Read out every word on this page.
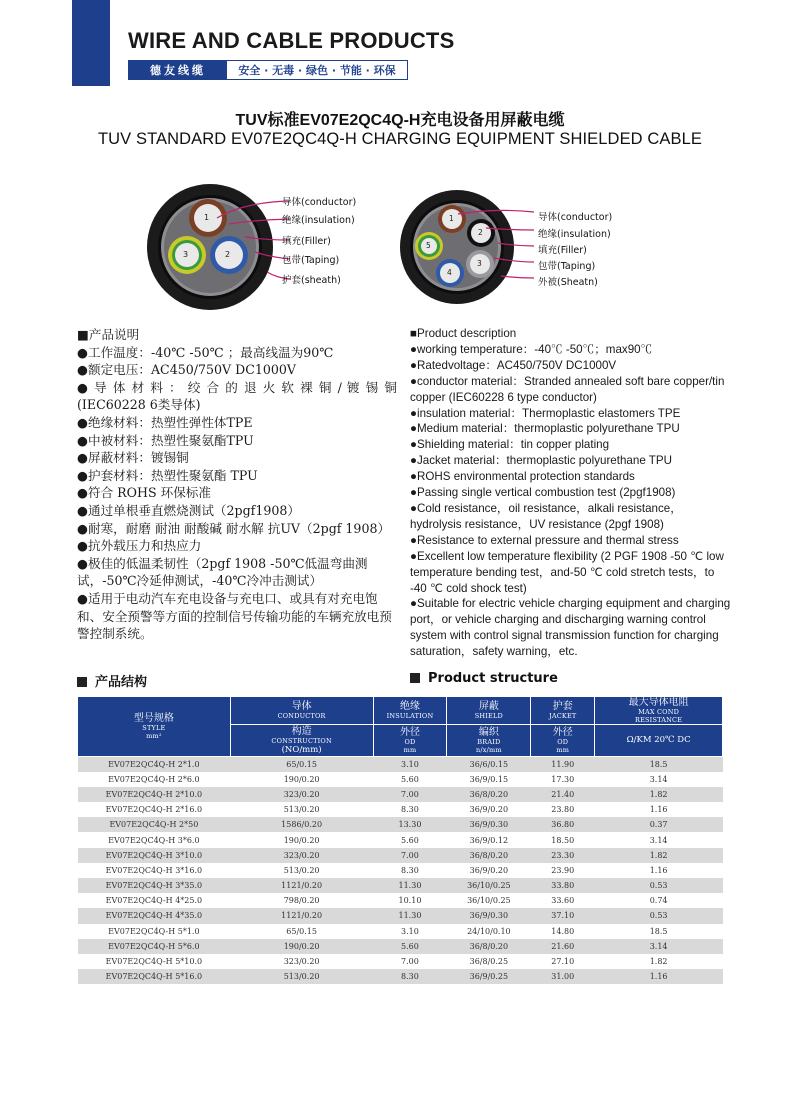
WIRE AND CABLE PRODUCTS
德友线缆	安全 · 无毒 · 绿色 · 节能 · 环保
TUV标准EV07E2QC4Q-H充电设备用屏蔽电缆
TUV STANDARD EV07E2QC4Q-H CHARGING EQUIPMENT SHIELDED CABLE
1
2
3
导体(conductor)
绝缘(insulation)
填充(Filler)
包带(Taping)
护套(sheath)
1
2
3
4
5
导体(conductor)
绝缘(insulation)
填充(Filler)
包带(Taping)
外被(Sheatn)

■产品说明

●工作温度：-40℃ -50℃ ；最高线温为90℃

●额定电压：AC450/750V DC1000V

● 导 体 材 料 ： 绞 合 的 退 火 软 裸 铜 / 镀 锡 铜 (IEC60228 6类导体)

●绝缘材料：热塑性弹性体TPE

●中被材料：热塑性聚氨酯TPU

●屏蔽材料：镀锡铜

●护套材料：热塑性聚氨酯 TPU

●符合 ROHS 环保标准

●通过单根垂直燃烧测试（2pgf1908）

●耐寒，耐磨 耐油 耐酸碱 耐水解 抗UV（2pgf 1908）

●抗外载压力和热应力

●极佳的低温柔韧性（2pgf 1908 -50℃低温弯曲测试，-50℃冷延伸测试，-40℃冷冲击测试）

●适用于电动汽车充电设备与充电口、或具有对充电饱和、安全预警等方面的控制信号传输功能的车辆充放电预警控制系统。

■Product description

●working temperature：-40℃ -50℃；max90℃

●Ratedvoltage：AC450/750V DC1000V

●conductor material：Stranded annealed soft bare copper/tin copper (IEC60228 6 type conductor)

●insulation material：Thermoplastic elastomers TPE

●Medium material：thermoplastic polyurethane TPU

●Shielding material：tin copper plating

●Jacket material：thermoplastic polyurethane TPU

●ROHS environmental protection standards

●Passing single vertical combustion test (2pgf1908)

●Cold resistance，oil resistance，alkali resistance，hydrolysis resistance，UV resistance (2pgf 1908)

●Resistance to external pressure and thermal stress

●Excellent low temperature flexibility (2 PGF 1908 -50 ℃ low temperature bending test，and-50 ℃ cold stretch tests，to -40 ℃ cold shock test)

●Suitable for electric vehicle charging equipment and charging port，or vehicle charging and discharging warning control system with control signal transmission function for charging saturation，safety warning，etc.

产品结构	Product structure
型号规格
STYLE
mm²	导体
CONDUCTOR	绝缘
INSULATION	屏蔽
SHIELD	护套
JACKET	最大导体电阻
MAX COND
RESISTANCE

	构造
CONSTRUCTION
(NO/mm)	外径
OD
mm	编织
BRAID
n/x/mm	外径
OD
mm	Ω/KM 20℃ DC

EV07E2QC4Q-H 2*1.0	65/0.15	3.10	36/6/0.15	11.90	18.5
EV07E2QC4Q-H 2*6.0	190/0.20	5.60	36/9/0.15	17.30	3.14
EV07E2QC4Q-H 2*10.0	323/0.20	7.00	36/8/0.20	21.40	1.82
EV07E2QC4Q-H 2*16.0	513/0.20	8.30	36/9/0.20	23.80	1.16
EV07E2QC4Q-H 2*50	1586/0.20	13.30	36/9/0.30	36.80	0.37
EV07E2QC4Q-H 3*6.0	190/0.20	5.60	36/9/0.12	18.50	3.14
EV07E2QC4Q-H 3*10.0	323/0.20	7.00	36/8/0.20	23.30	1.82
EV07E2QC4Q-H 3*16.0	513/0.20	8.30	36/9/0.20	23.90	1.16
EV07E2QC4Q-H 3*35.0	1121/0.20	11.30	36/10/0.25	33.80	0.53
EV07E2QC4Q-H 4*25.0	798/0.20	10.10	36/10/0.25	33.60	0.74
EV07E2QC4Q-H 4*35.0	1121/0.20	11.30	36/9/0.30	37.10	0.53
EV07E2QC4Q-H 5*1.0	65/0.15	3.10	24/10/0.10	14.80	18.5
EV07E2QC4Q-H 5*6.0	190/0.20	5.60	36/8/0.20	21.60	3.14
EV07E2QC4Q-H 5*10.0	323/0.20	7.00	36/8/0.25	27.10	1.82
EV07E2QC4Q-H 5*16.0	513/0.20	8.30	36/9/0.25	31.00	1.16
